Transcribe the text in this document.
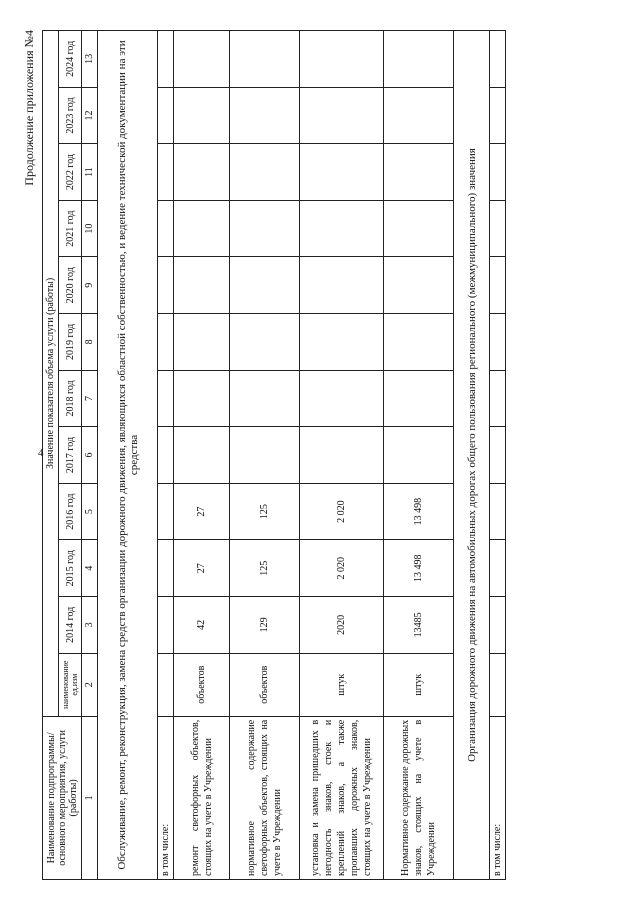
4
Продолжение приложения №4
Наименование подпрограммы/ основного мероприятия, услуги (работы)	Значение показателя объема услуги (работы)											
	наименование ед.изм	2014 год	2015 год	2016 год	2017 год	2018 год	2019 год	2020 год	2021 год	2022 год	2023 год	2024 год
1	2	3	4	5	6	7	8	9	10	11	12	13
Обслуживание, ремонт, реконструкция, замена средств организации дорожного движения, являющихся областной собственностью, и ведение технической документации на эти средства												
в том числе:												
ремонт светофорных объектов, стоящих на учете в Учреждении	объектов	42	27	27								
нормативное содержание светофорных объектов, стоящих на учете в Учреждении	объектов	129	125	125								
установка и замена пришедших в негодность знаков, стоек и креплений знаков, а также пропавших дорожных знаков, стоящих на учете в Учреждении	штук	2020	2 020	2 020								
Нормативное содержание дорожных знаков, стоящих на учете в Учреждении	штук	13485	13 498	13 498								
Организация дорожного движения на автомобильных дорогах общего пользования регионального (межмуниципального) значения												
в том числе:												
